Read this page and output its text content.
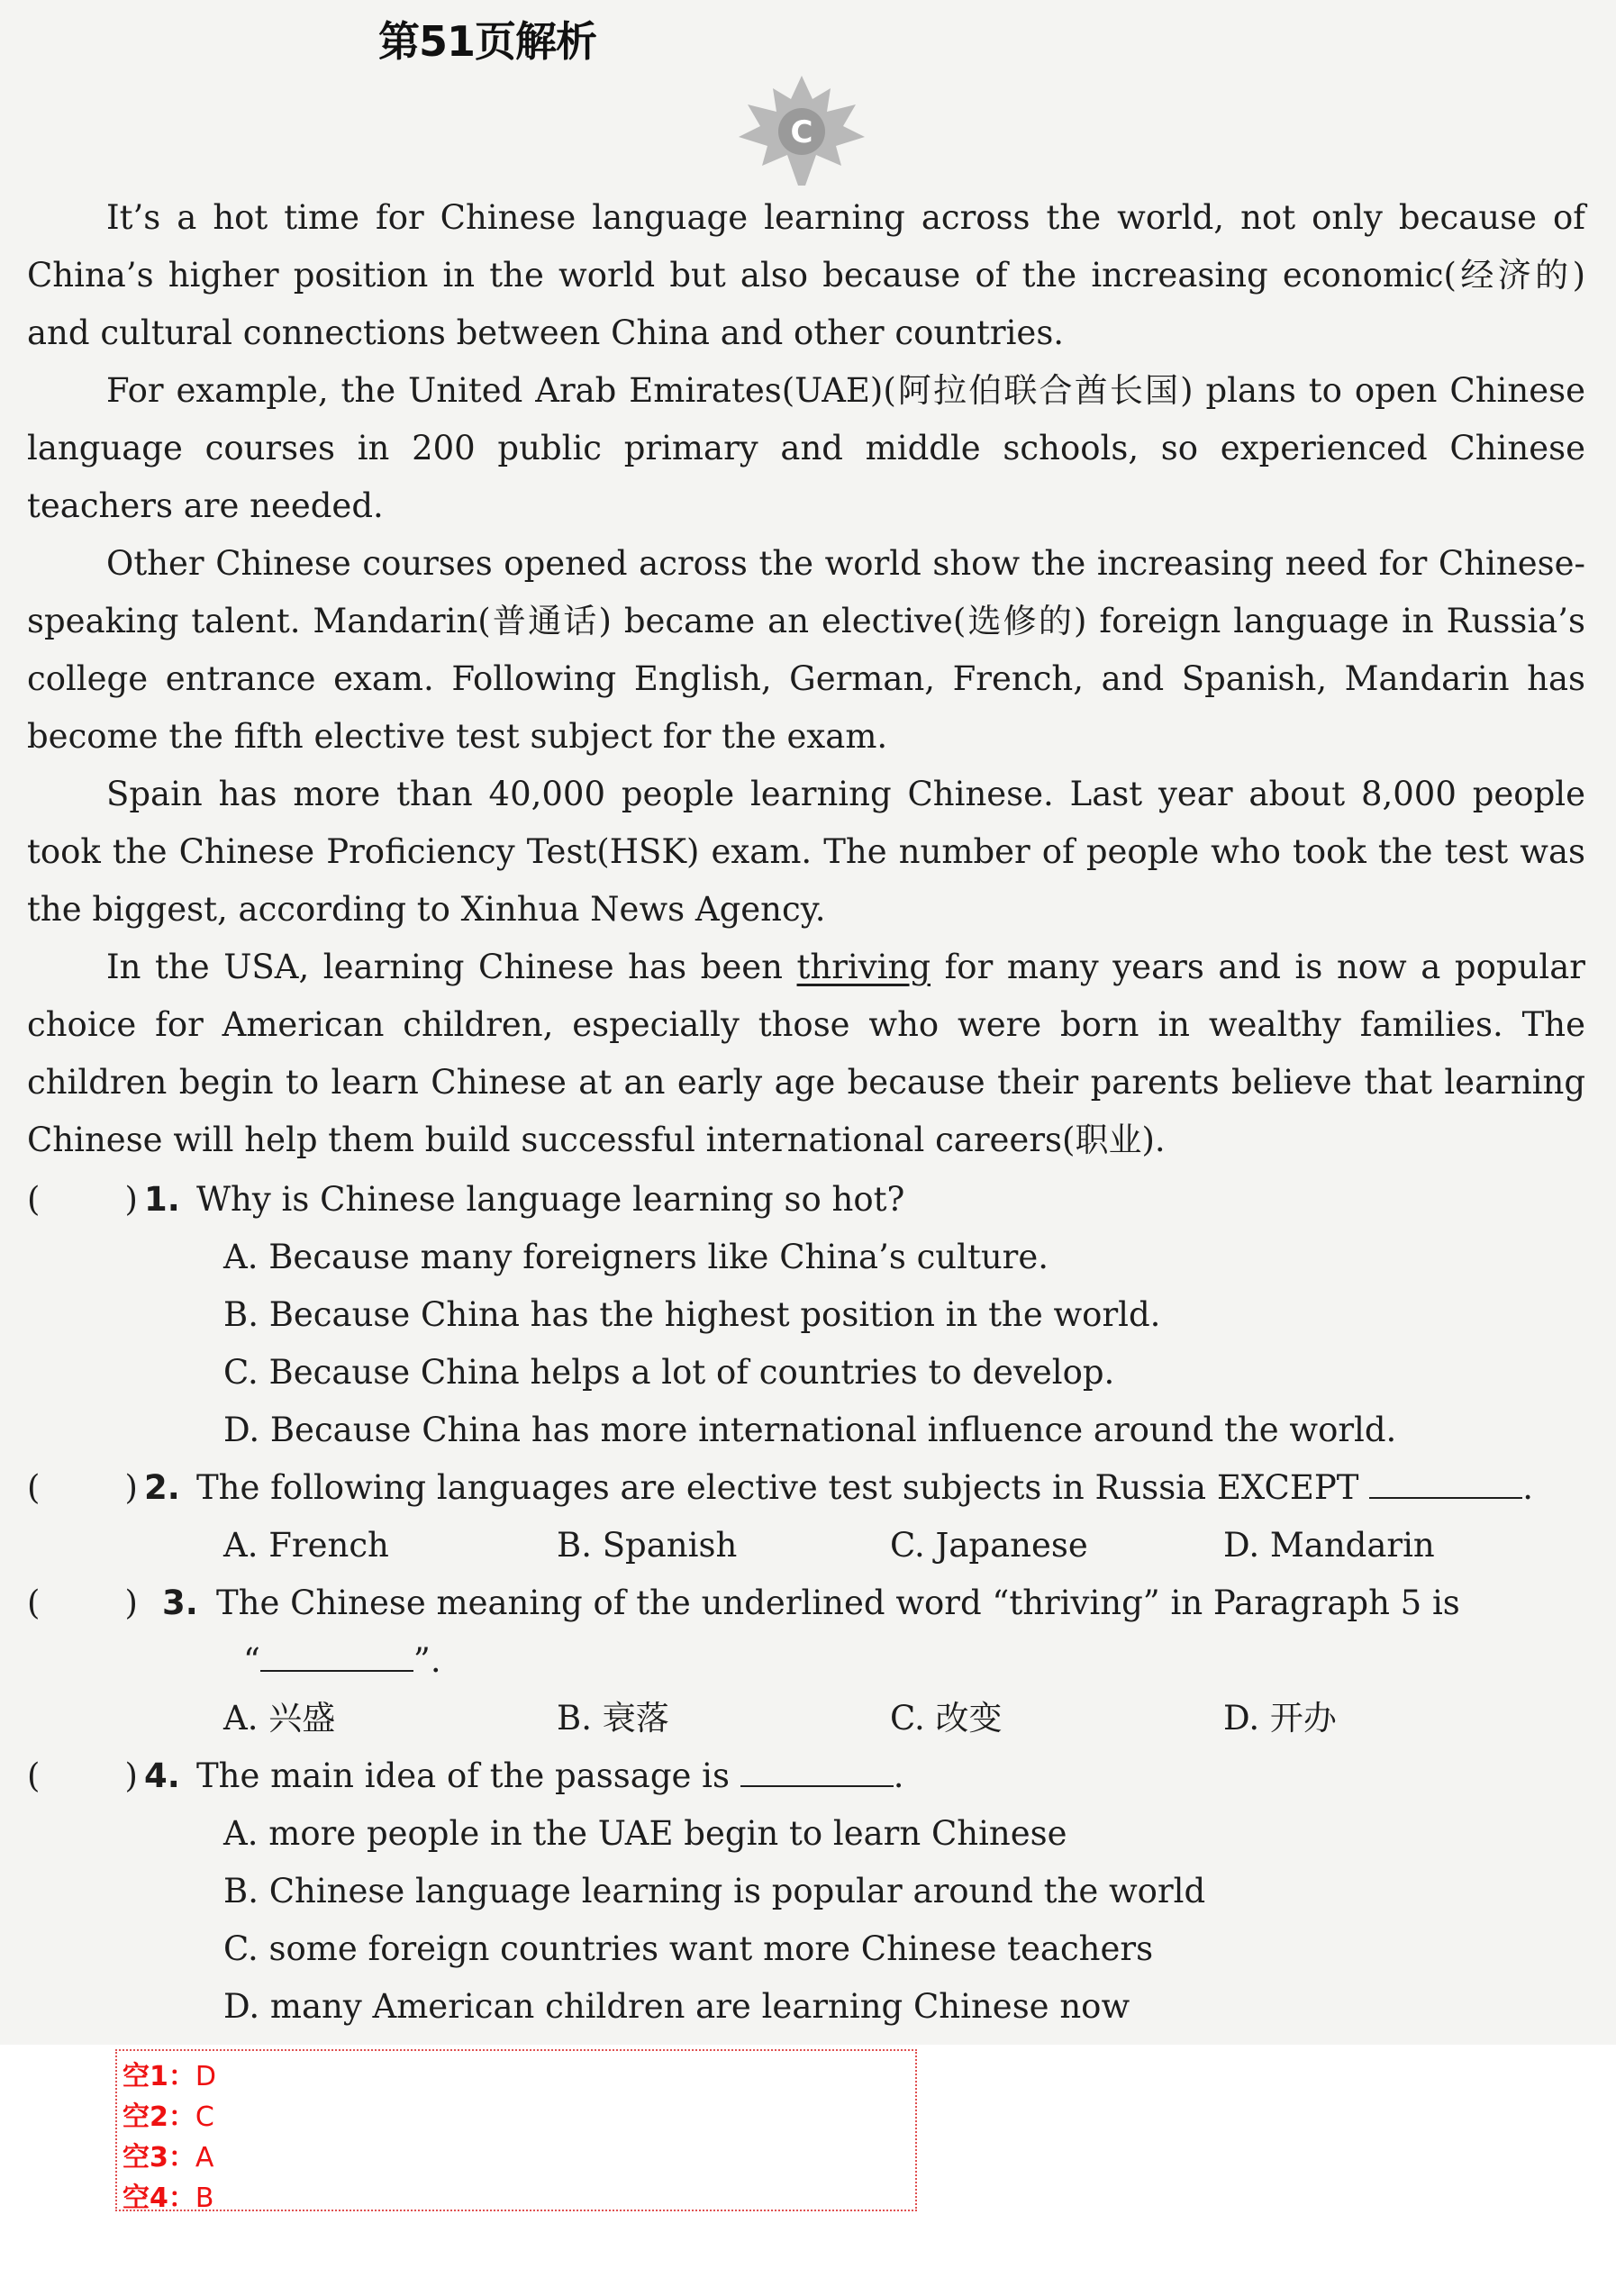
第51页解析
C

It’s a hot time for Chinese language learning across the world, not only because of China’s higher position in the world but also because of the increasing economic(经济的) and cultural connections between China and other countries.

For example, the United Arab Emirates(UAE)(阿拉伯联合酋长国) plans to open Chinese language courses in 200 public primary and middle schools, so experienced Chinese teachers are needed.

Other Chinese courses opened across the world show the increasing need for Chinese-speaking talent. Mandarin(普通话) became an elective(选修的) foreign language in Russia’s college entrance exam. Following English, German, French, and Spanish, Mandarin has become the fifth elective test subject for the exam.

Spain has more than 40,000 people learning Chinese. Last year about 8,000 people took the Chinese Proficiency Test(HSK) exam. The number of people who took the test was the biggest, according to Xinhua News Agency.

In the USA, learning Chinese has been thriving for many years and is now a popular choice for American children, especially those who were born in wealthy families. The children begin to learn Chinese at an early age because their parents believe that learning Chinese will help them build successful international careers(职业).

(        ) 1. Why is Chinese language learning so hot?
A. Because many foreigners like China’s culture.
B. Because China has the highest position in the world.
C. Because China helps a lot of countries to develop.
D. Because China has more international influence around the world.
(        ) 2. The following languages are elective test subjects in Russia EXCEPT	.
A. French	B. Spanish	C. Japanese	D. Mandarin
(        ) 3. The Chinese meaning of the underlined word “thriving” in Paragraph 5 is
“	”.
A. 兴盛	B. 衰落	C. 改变	D. 开办
(        ) 4. The main idea of the passage is	.
A. more people in the UAE begin to learn Chinese
B. Chinese language learning is popular around the world
C. some foreign countries want more Chinese teachers
D. many American children are learning Chinese now
空1：D
空2：C
空3：A
空4：B
